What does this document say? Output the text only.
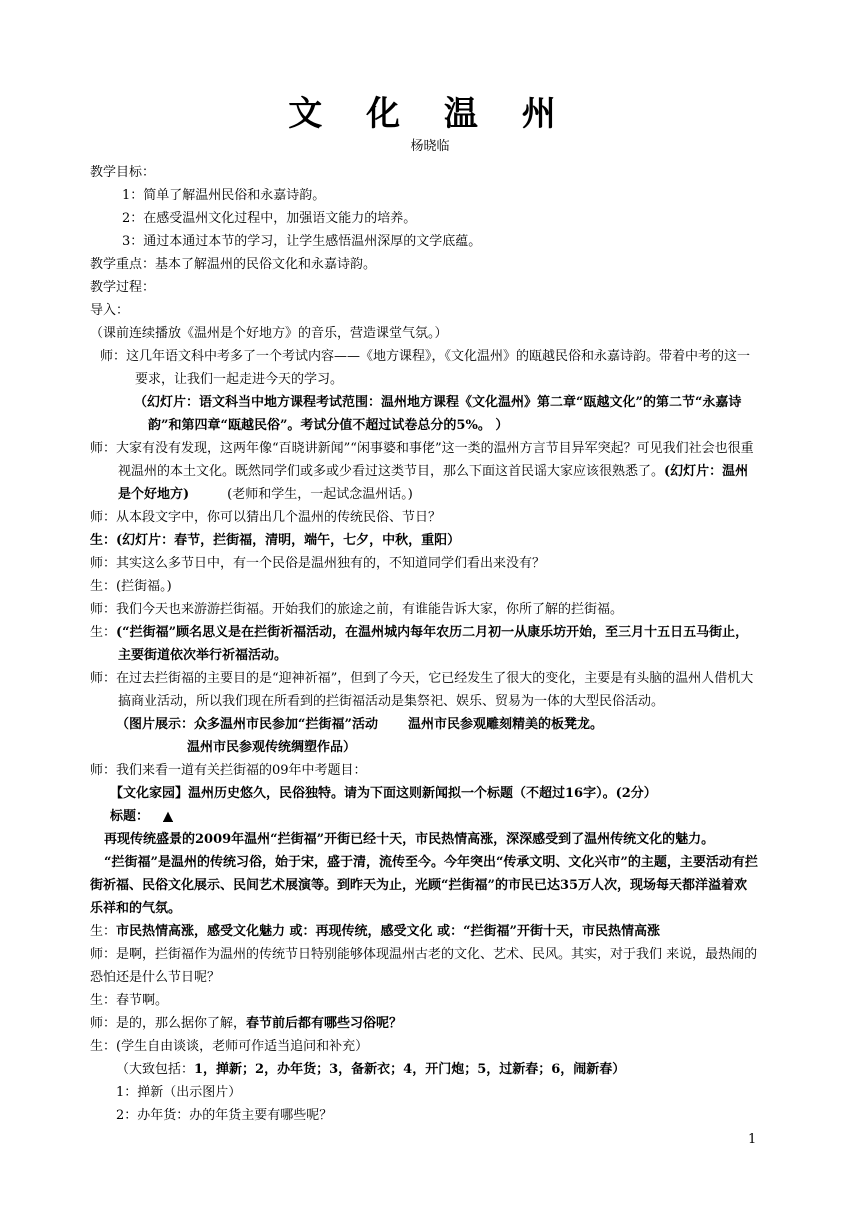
文 化 温 州
杨晓临

教学目标：

1：简单了解温州民俗和永嘉诗韵。

2：在感受温州文化过程中，加强语文能力的培养。

3：通过本通过本节的学习，让学生感悟温州深厚的文学底蕴。

教学重点：基本了解温州的民俗文化和永嘉诗韵。

教学过程：

导入：

（课前连续播放《温州是个好地方》的音乐，营造课堂气氛。）

师：这几年语文科中考多了一个考试内容——《地方课程》，《文化温州》的瓯越民俗和永嘉诗韵。带着中考的这一要求，让我们一起走进今天的学习。

（幻灯片：语文科当中地方课程考试范围：温州地方课程《文化温州》第二章“瓯越文化”的第二节“永嘉诗韵”和第四章“瓯越民俗”。考试分值不超过试卷总分的5%。 ）

师：大家有没有发现，这两年像“百晓讲新闻”“闲事婆和事佬”这一类的温州方言节目异军突起？可见我们社会也很重视温州的本土文化。既然同学们或多或少看过这类节目，那么下面这首民谣大家应该很熟悉了。(幻灯片：温州是个好地方)	(老师和学生，一起试念温州话。)

师：从本段文字中，你可以猜出几个温州的传统民俗、节日？

生：(幻灯片：春节，拦街福，清明，端午，七夕，中秋，重阳）

师：其实这么多节日中，有一个民俗是温州独有的，不知道同学们看出来没有？

生：(拦街福。)

师：我们今天也来游游拦街福。开始我们的旅途之前，有谁能告诉大家，你所了解的拦街福。

生：(“拦街福”顾名思义是在拦街祈福活动，在温州城内每年农历二月初一从康乐坊开始，至三月十五日五马街止，主要街道依次举行祈福活动。

师：在过去拦街福的主要目的是“迎神祈福”，但到了今天，它已经发生了很大的变化，主要是有头脑的温州人借机大搞商业活动，所以我们现在所看到的拦街福活动是集祭祀、娱乐、贸易为一体的大型民俗活动。

（图片展示：众多温州市民参加“拦街福”活动 温州市民参观雕刻精美的板凳龙。

温州市民参观传统绸塑作品）

师：我们来看一道有关拦街福的09年中考题目：

【文化家园】温州历史悠久，民俗独特。请为下面这则新闻拟一个标题（不超过16字）。(2分）

标题： ▲

再现传统盛景的2009年温州“拦街福”开街已经十天，市民热情高涨，深深感受到了温州传统文化的魅力。

“拦街福”是温州的传统习俗，始于宋，盛于清，流传至今。今年突出“传承文明、文化兴市”的主题，主要活动有拦街祈福、民俗文化展示、民间艺术展演等。到昨天为止，光顾“拦街福”的市民已达35万人次，现场每天都洋溢着欢乐祥和的气氛。

生：市民热情高涨，感受文化魅力 或：再现传统，感受文化 或：“拦街福”开街十天，市民热情高涨

师：是啊，拦街福作为温州的传统节日特别能够体现温州古老的文化、艺术、民风。其实，对于我们 来说，最热闹的恐怕还是什么节日呢？

生：春节啊。

师：是的，那么据你了解，春节前后都有哪些习俗呢？

生：(学生自由谈谈，老师可作适当追问和补充）

（大致包括：1，掸新；2，办年货；3，备新衣；4，开门炮；5，过新春；6，闹新春）

1：掸新（出示图片）

2：办年货：办的年货主要有哪些呢？

1
